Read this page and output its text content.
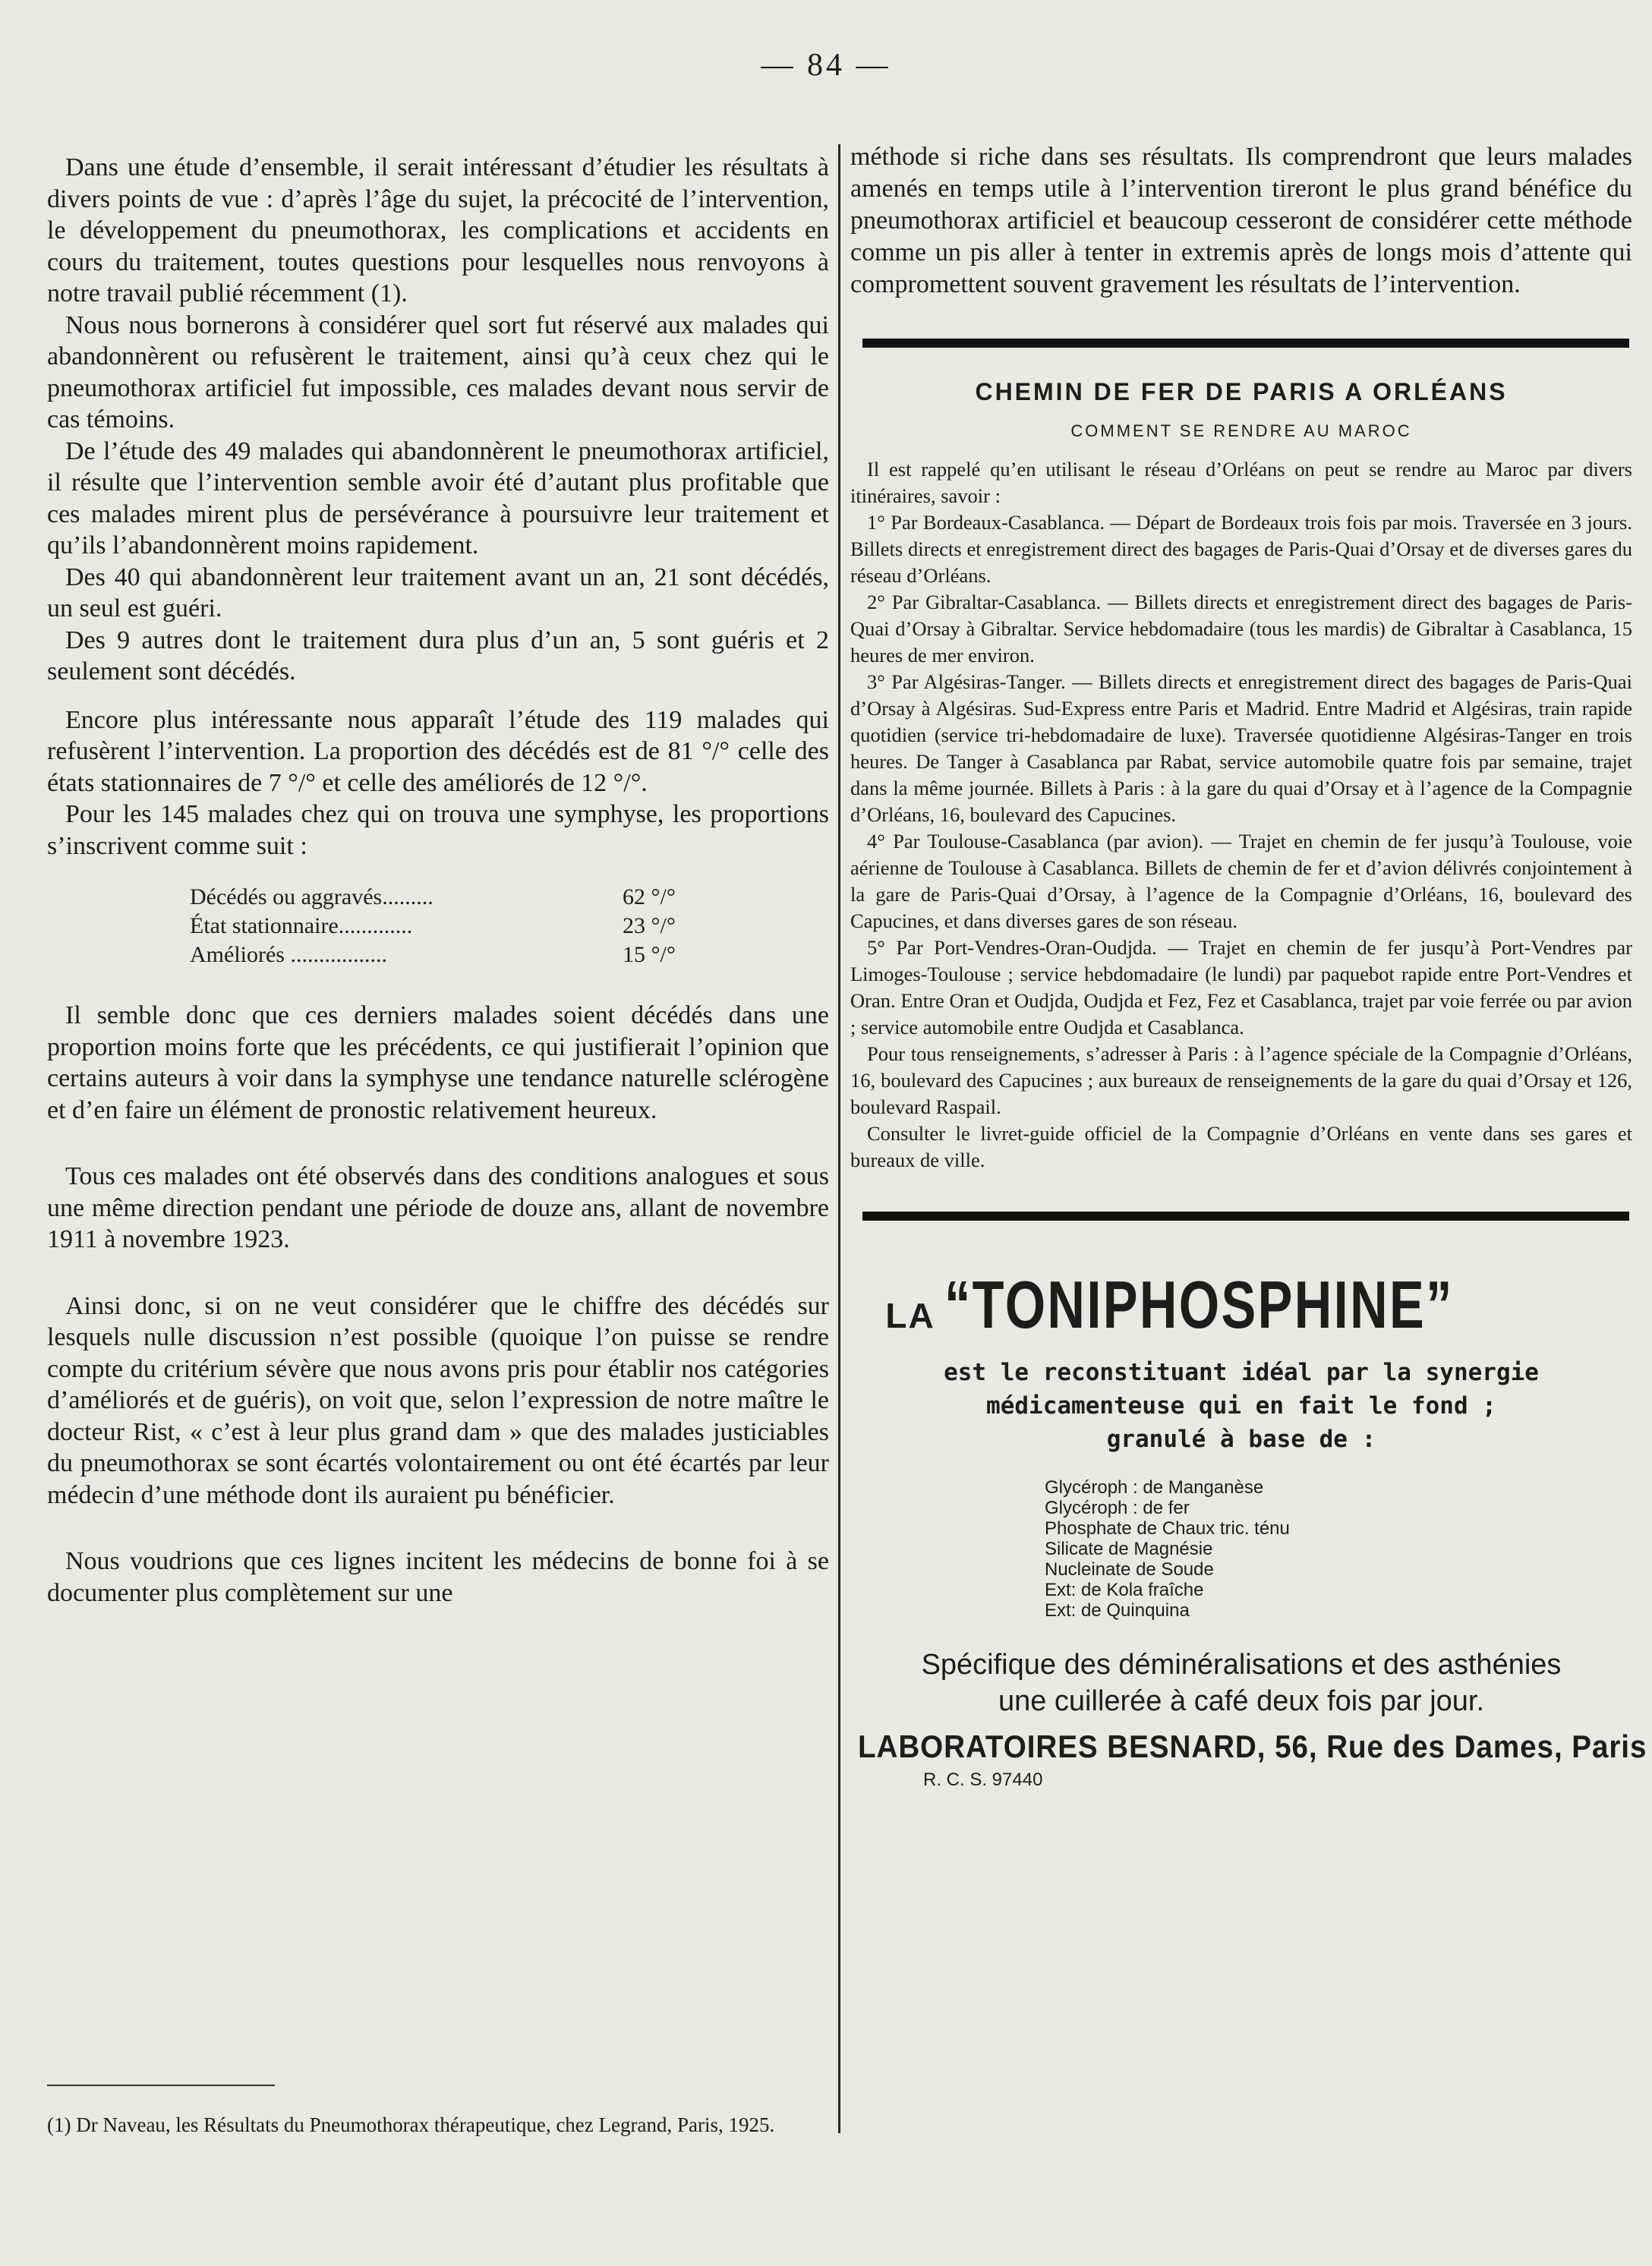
— 84 —

Dans une étude d’ensemble, il serait intéressant d’étudier les résultats à divers points de vue : d’après l’âge du sujet, la précocité de l’intervention, le développement du pneumothorax, les complications et accidents en cours du traitement, toutes questions pour lesquelles nous renvoyons à notre travail publié récemment (1).

Nous nous bornerons à considérer quel sort fut réservé aux malades qui abandonnèrent ou refusèrent le traitement, ainsi qu’à ceux chez qui le pneumothorax artificiel fut impossible, ces malades devant nous servir de cas témoins.

De l’étude des 49 malades qui abandonnèrent le pneumothorax artificiel, il résulte que l’intervention semble avoir été d’autant plus profitable que ces malades mirent plus de persévérance à poursuivre leur traitement et qu’ils l’abandonnèrent moins rapidement.

Des 40 qui abandonnèrent leur traitement avant un an, 21 sont décédés, un seul est guéri.

Des 9 autres dont le traitement dura plus d’un an, 5 sont guéris et 2 seulement sont décédés.

Encore plus intéressante nous apparaît l’étude des 119 malades qui refusèrent l’intervention. La proportion des décédés est de 81 °/° celle des états stationnaires de 7 °/° et celle des améliorés de 12 °/°.

Pour les 145 malades chez qui on trouva une symphyse, les proportions s’inscrivent comme suit :

Décédés ou aggravés.........	62 °/°
État stationnaire.............	23 °/°
Améliorés .................	15 °/°

Il semble donc que ces derniers malades soient décédés dans une proportion moins forte que les précédents, ce qui justifierait l’opinion que certains auteurs à voir dans la symphyse une tendance naturelle sclérogène et d’en faire un élément de pronostic relativement heureux.

Tous ces malades ont été observés dans des conditions analogues et sous une même direction pendant une période de douze ans, allant de novembre 1911 à novembre 1923.

Ainsi donc, si on ne veut considérer que le chiffre des décédés sur lesquels nulle discussion n’est possible (quoique l’on puisse se rendre compte du critérium sévère que nous avons pris pour établir nos catégories d’améliorés et de guéris), on voit que, selon l’expression de notre maître le docteur Rist, « c’est à leur plus grand dam » que des malades justiciables du pneumothorax se sont écartés volontairement ou ont été écartés par leur médecin d’une méthode dont ils auraient pu bénéficier.

Nous voudrions que ces lignes incitent les médecins de bonne foi à se documenter plus complètement sur une

(1) Dr Naveau, les Résultats du Pneumothorax thérapeutique, chez Legrand, Paris, 1925.

méthode si riche dans ses résultats. Ils comprendront que leurs malades amenés en temps utile à l’intervention tireront le plus grand bénéfice du pneumothorax artificiel et beaucoup cesseront de considérer cette méthode comme un pis aller à tenter in extremis après de longs mois d’attente qui compromettent souvent gravement les résultats de l’intervention.

CHEMIN DE FER DE PARIS A ORLÉANS
COMMENT SE RENDRE AU MAROC

Il est rappelé qu’en utilisant le réseau d’Orléans on peut se rendre au Maroc par divers itinéraires, savoir :

1° Par Bordeaux-Casablanca. — Départ de Bordeaux trois fois par mois. Traversée en 3 jours. Billets directs et enregistrement direct des bagages de Paris-Quai d’Orsay et de diverses gares du réseau d’Orléans.

2° Par Gibraltar-Casablanca. — Billets directs et enregistrement direct des bagages de Paris-Quai d’Orsay à Gibraltar. Service hebdomadaire (tous les mardis) de Gibraltar à Casablanca, 15 heures de mer environ.

3° Par Algésiras-Tanger. — Billets directs et enregistrement direct des bagages de Paris-Quai d’Orsay à Algésiras. Sud-Express entre Paris et Madrid. Entre Madrid et Algésiras, train rapide quotidien (service tri-hebdomadaire de luxe). Traversée quotidienne Algésiras-Tanger en trois heures. De Tanger à Casablanca par Rabat, service automobile quatre fois par semaine, trajet dans la même journée. Billets à Paris : à la gare du quai d’Orsay et à l’agence de la Compagnie d’Orléans, 16, boulevard des Capucines.

4° Par Toulouse-Casablanca (par avion). — Trajet en chemin de fer jusqu’à Toulouse, voie aérienne de Toulouse à Casablanca. Billets de chemin de fer et d’avion délivrés conjointement à la gare de Paris-Quai d’Orsay, à l’agence de la Compagnie d’Orléans, 16, boulevard des Capucines, et dans diverses gares de son réseau.

5° Par Port-Vendres-Oran-Oudjda. — Trajet en chemin de fer jusqu’à Port-Vendres par Limoges-Toulouse ; service hebdomadaire (le lundi) par paquebot rapide entre Port-Vendres et Oran. Entre Oran et Oudjda, Oudjda et Fez, Fez et Casablanca, trajet par voie ferrée ou par avion ; service automobile entre Oudjda et Casablanca.

Pour tous renseignements, s’adresser à Paris : à l’agence spéciale de la Compagnie d’Orléans, 16, boulevard des Capucines ; aux bureaux de renseignements de la gare du quai d’Orsay et 126, boulevard Raspail.

Consulter le livret-guide officiel de la Compagnie d’Orléans en vente dans ses gares et bureaux de ville.

LA “TONIPHOSPHINE”
est le reconstituant idéal par la synergie
médicamenteuse qui en fait le fond ;
granulé à base de :
Glycéroph : de Manganèse
Glycéroph : de fer
Phosphate de Chaux tric. ténu
Silicate de Magnésie
Nucleinate de Soude
Ext: de Kola fraîche
Ext: de Quinquina
Spécifique des déminéralisations et des asthénies
une cuillerée à café deux fois par jour.
LABORATOIRES BESNARD, 56, Rue des Dames, Paris
R. C. S. 97440
